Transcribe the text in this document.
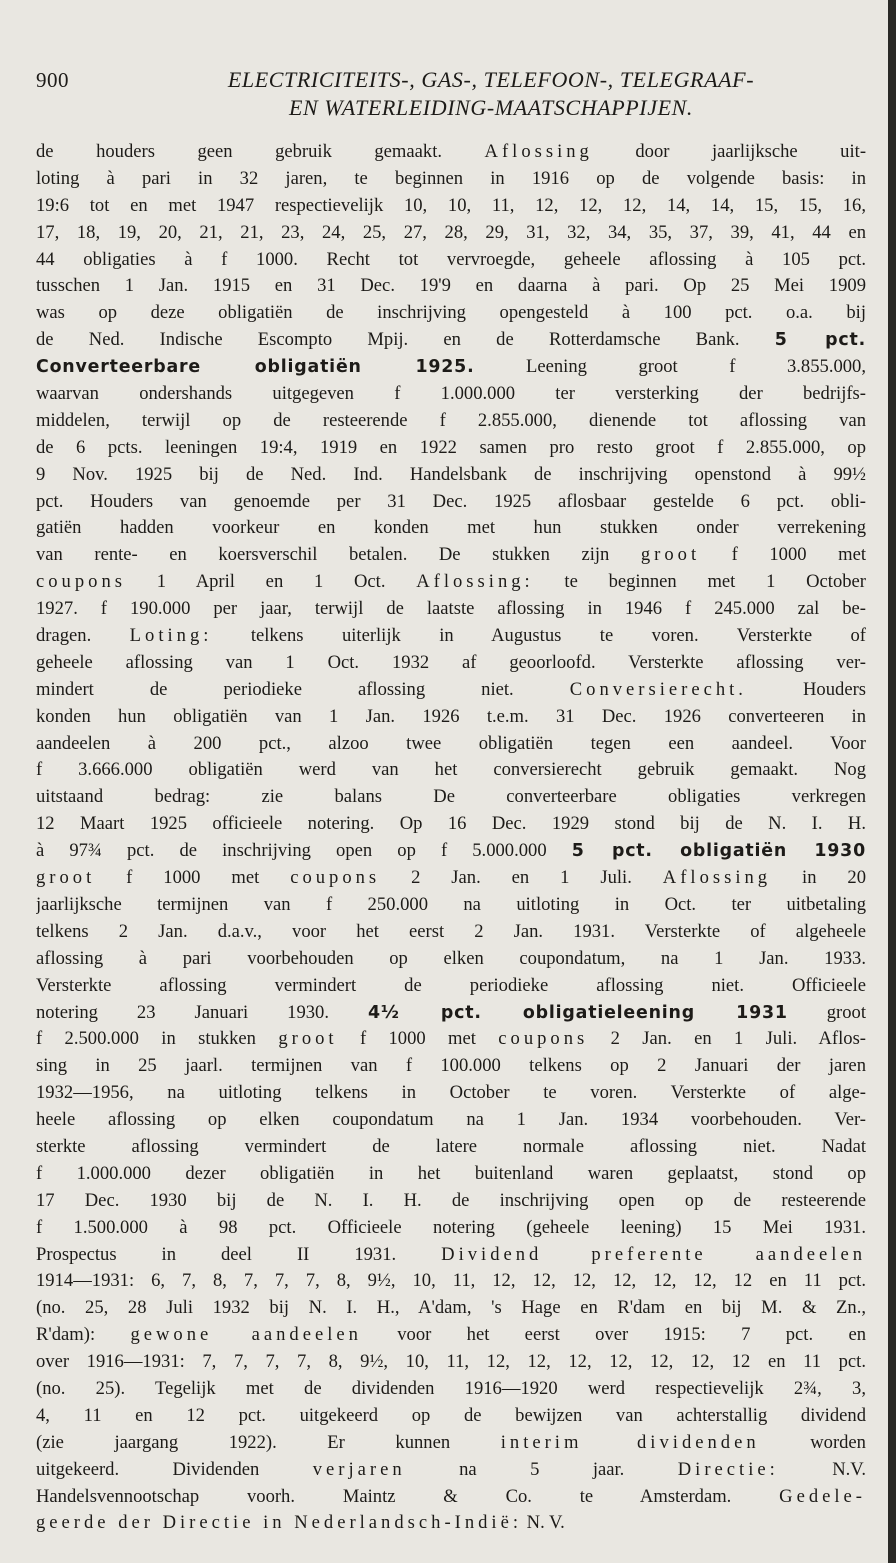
900	ELECTRICITEITS-, GAS-, TELEFOON-, TELEGRAAF-
EN WATERLEIDING-MAATSCHAPPIJEN.
de houders geen gebruik gemaakt. Aflossing door jaarlijksche uit-
loting à pari in 32 jaren, te beginnen in 1916 op de volgende basis: in
19:6 tot en met 1947 respectievelijk 10, 10, 11, 12, 12, 12, 14, 14, 15, 15, 16,
17, 18, 19, 20, 21, 21, 23, 24, 25, 27, 28, 29, 31, 32, 34, 35, 37, 39, 41, 44 en
44 obligaties à f 1000. Recht tot vervroegde, geheele aflossing à 105 pct.
tusschen 1 Jan. 1915 en 31 Dec. 19'9 en daarna à pari. Op 25 Mei 1909
was op deze obligatiën de inschrijving opengesteld à 100 pct. o.a. bij
de Ned. Indische Escompto Mpij. en de Rotterdamsche Bank. 5 pct.
Converteerbare obligatiën 1925. Leening groot f 3.855.000,
waarvan ondershands uitgegeven f 1.000.000 ter versterking der bedrijfs-
middelen, terwijl op de resteerende f 2.855.000, dienende tot aflossing van
de 6 pcts. leeningen 19:4, 1919 en 1922 samen pro resto groot f 2.855.000, op
9 Nov. 1925 bij de Ned. Ind. Handelsbank de inschrijving openstond à 99½
pct. Houders van genoemde per 31 Dec. 1925 aflosbaar gestelde 6 pct. obli-
gatiën hadden voorkeur en konden met hun stukken onder verrekening
van rente- en koersverschil betalen. De stukken zijn groot f 1000 met
coupons 1 April en 1 Oct. Aflossing: te beginnen met 1 October
1927. f 190.000 per jaar, terwijl de laatste aflossing in 1946 f 245.000 zal be-
dragen. Loting: telkens uiterlijk in Augustus te voren. Versterkte of
geheele aflossing van 1 Oct. 1932 af geoorloofd. Versterkte aflossing ver-
mindert de periodieke aflossing niet. Conversierecht. Houders
konden hun obligatiën van 1 Jan. 1926 t.e.m. 31 Dec. 1926 converteeren in
aandeelen à 200 pct., alzoo twee obligatiën tegen een aandeel. Voor
f 3.666.000 obligatiën werd van het conversierecht gebruik gemaakt. Nog
uitstaand bedrag: zie balans De converteerbare obligaties verkregen
12 Maart 1925 officieele notering. Op 16 Dec. 1929 stond bij de N. I. H.
à 97¾ pct. de inschrijving open op f 5.000.000 5 pct. obligatiën 1930
groot f 1000 met coupons 2 Jan. en 1 Juli. Aflossing in 20
jaarlijksche termijnen van f 250.000 na uitloting in Oct. ter uitbetaling
telkens 2 Jan. d.a.v., voor het eerst 2 Jan. 1931. Versterkte of algeheele
aflossing à pari voorbehouden op elken coupondatum, na 1 Jan. 1933.
Versterkte aflossing vermindert de periodieke aflossing niet. Officieele
notering 23 Januari 1930. 4½ pct. obligatieleening 1931 groot
f 2.500.000 in stukken groot f 1000 met coupons 2 Jan. en 1 Juli. Aflos-
sing in 25 jaarl. termijnen van f 100.000 telkens op 2 Januari der jaren
1932—1956, na uitloting telkens in October te voren. Versterkte of alge-
heele aflossing op elken coupondatum na 1 Jan. 1934 voorbehouden. Ver-
sterkte aflossing vermindert de latere normale aflossing niet. Nadat
f 1.000.000 dezer obligatiën in het buitenland waren geplaatst, stond op
17 Dec. 1930 bij de N. I. H. de inschrijving open op de resteerende
f 1.500.000 à 98 pct. Officieele notering (geheele leening) 15 Mei 1931.
Prospectus in deel II 1931. Dividend preferente aandeelen
1914—1931: 6, 7, 8, 7, 7, 7, 8, 9½, 10, 11, 12, 12, 12, 12, 12, 12, 12 en 11 pct.
(no. 25, 28 Juli 1932 bij N. I. H., A'dam, 's Hage en R'dam en bij M. & Zn.,
R'dam): gewone aandeelen voor het eerst over 1915: 7 pct. en
over 1916—1931: 7, 7, 7, 7, 8, 9½, 10, 11, 12, 12, 12, 12, 12, 12, 12 en 11 pct.
(no. 25). Tegelijk met de dividenden 1916—1920 werd respectievelijk 2¾, 3,
4, 11 en 12 pct. uitgekeerd op de bewijzen van achterstallig dividend
(zie jaargang 1922). Er kunnen interim dividenden worden
uitgekeerd. Dividenden verjaren na 5 jaar. Directie: N.V.
Handelsvennootschap voorh. Maintz & Co. te Amsterdam. Gedele-
geerde der Directie in Nederlandsch-Indië: N. V.
